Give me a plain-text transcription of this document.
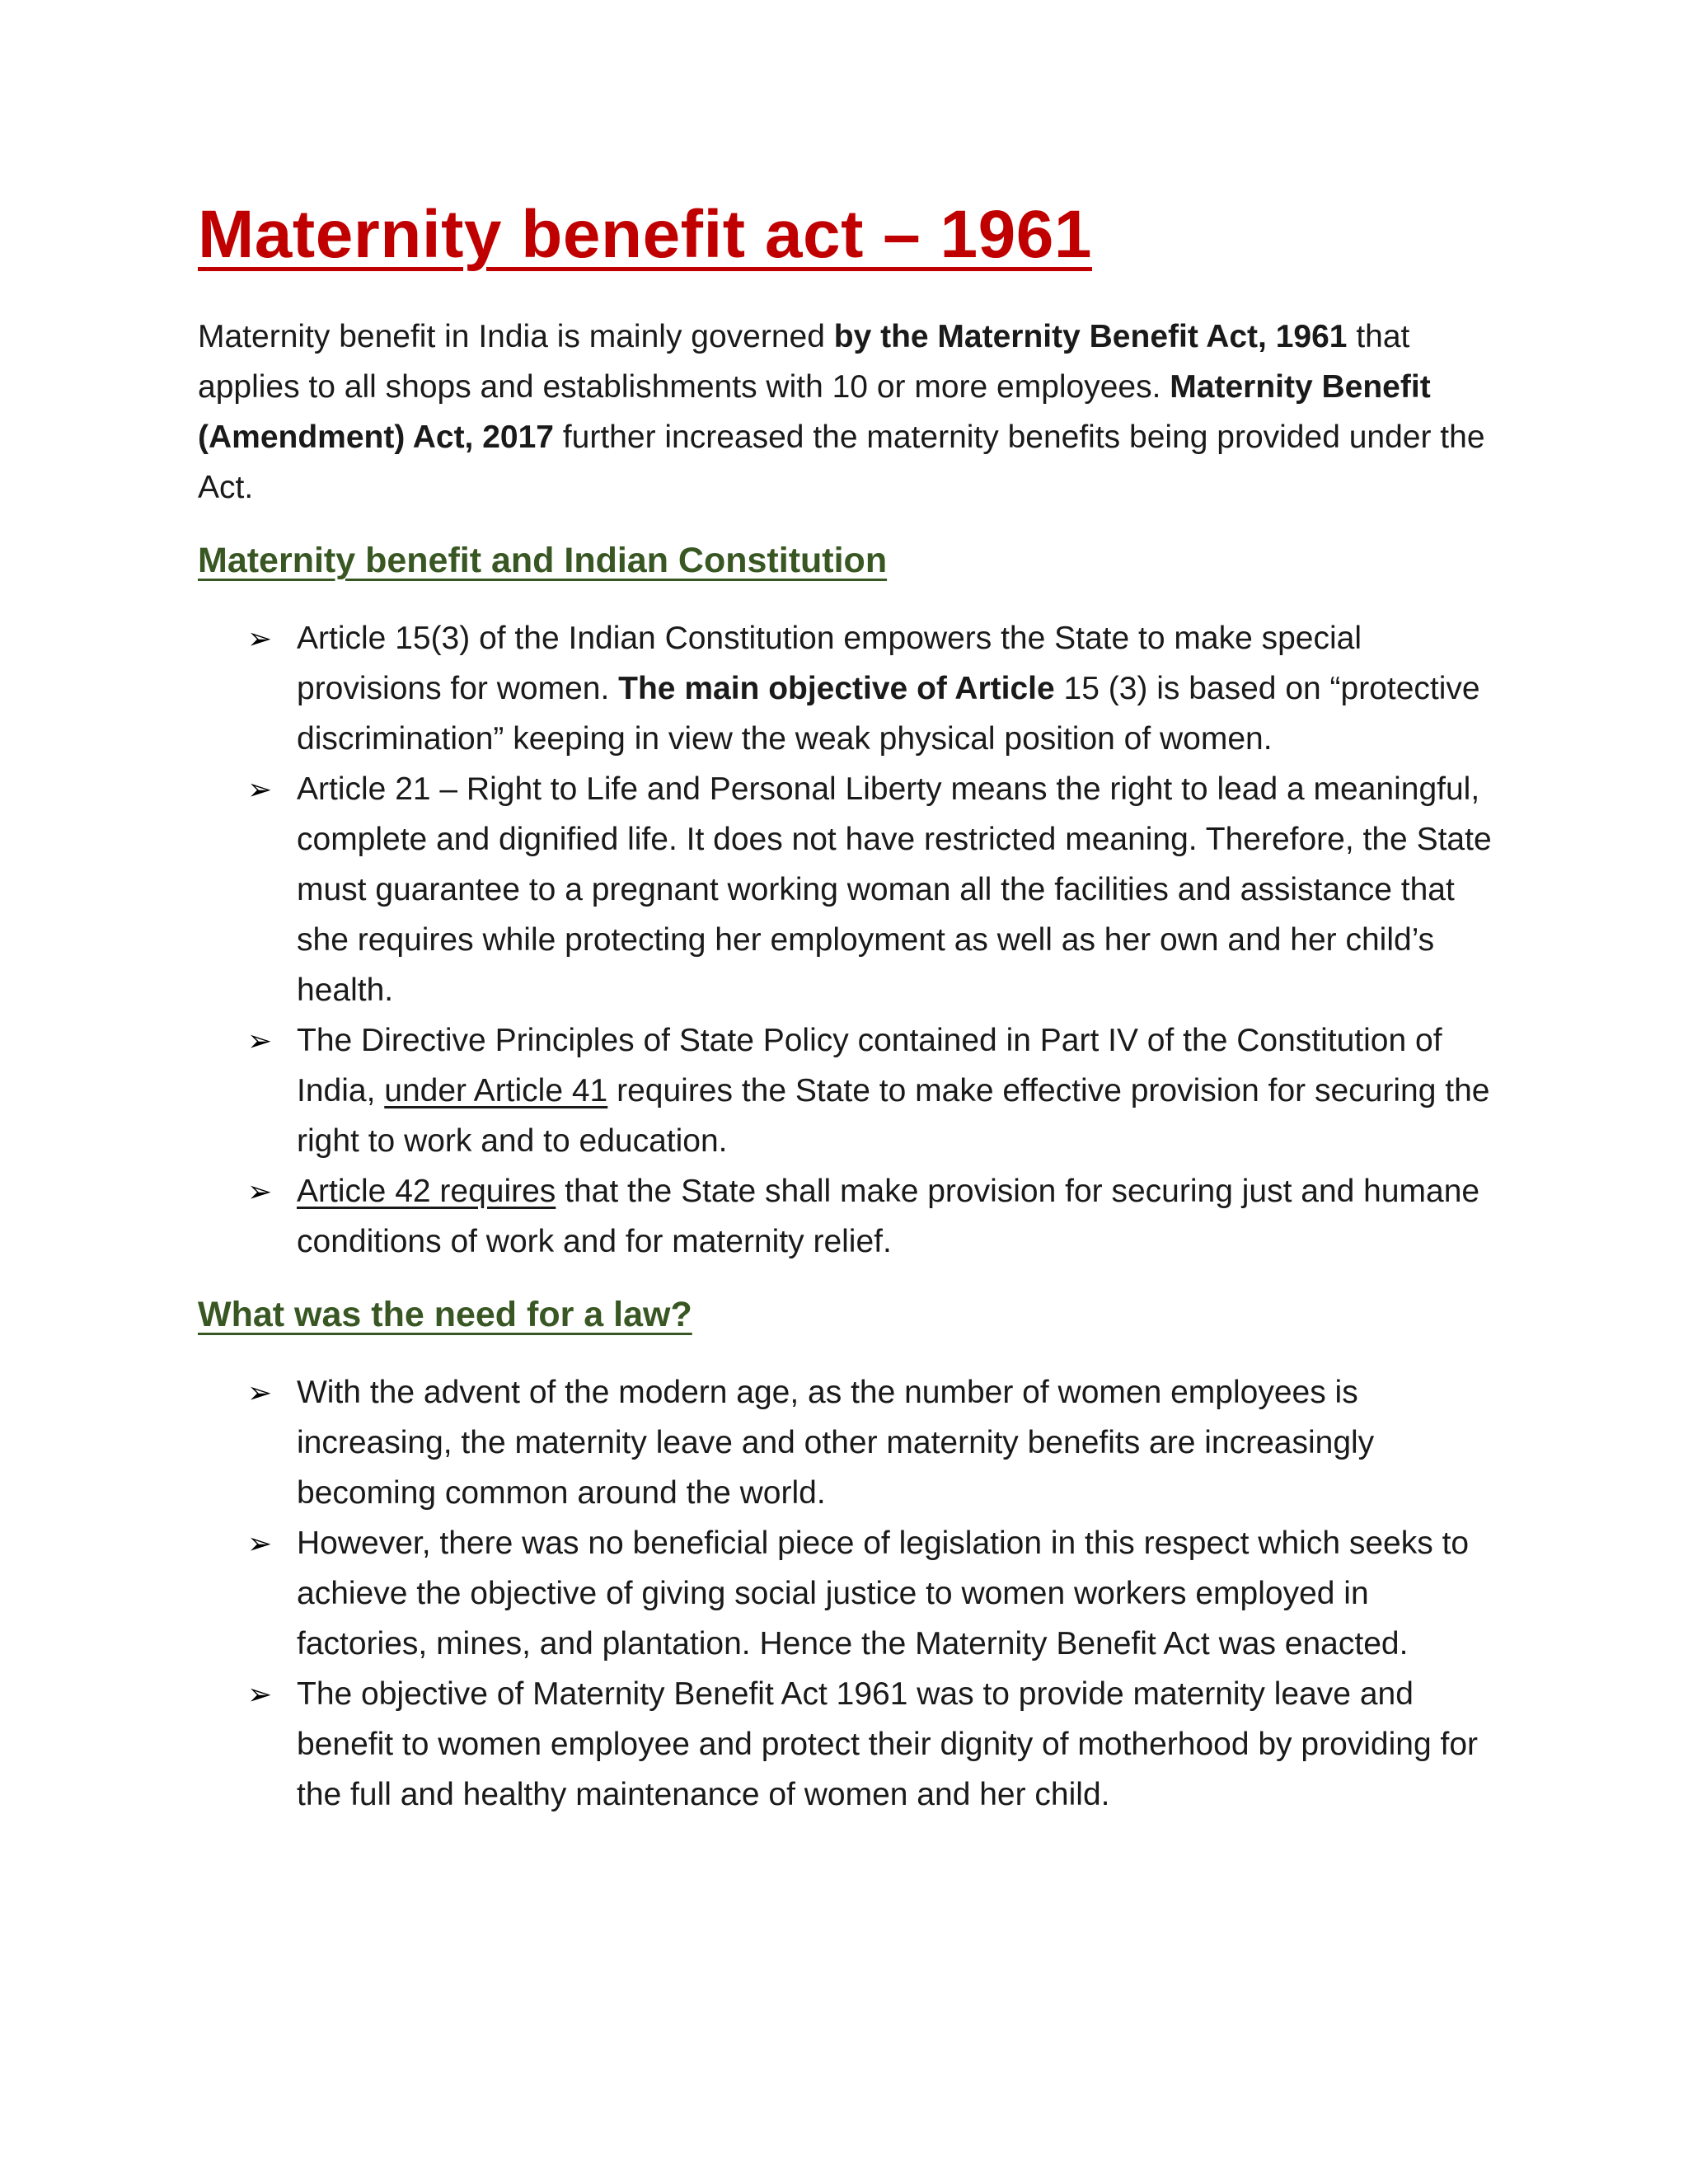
Maternity benefit act – 1961

Maternity benefit in India is mainly governed by the Maternity Benefit Act, 1961 that applies to all shops and establishments with 10 or more employees. Maternity Benefit (Amendment) Act, 2017 further increased the maternity benefits being provided under the Act.

Maternity benefit and Indian Constitution
➢ Article 15(3) of the Indian Constitution empowers the State to make special provisions for women. The main objective of Article 15 (3) is based on “protective discrimination” keeping in view the weak physical position of women.
➢ Article 21 – Right to Life and Personal Liberty means the right to lead a meaningful, complete and dignified life. It does not have restricted meaning. Therefore, the State must guarantee to a pregnant working woman all the facilities and assistance that she requires while protecting her employment as well as her own and her child’s health.
➢ The Directive Principles of State Policy contained in Part IV of the Constitution of India, under Article 41 requires the State to make effective provision for securing the right to work and to education.
➢ Article 42 requires that the State shall make provision for securing just and humane conditions of work and for maternity relief.
What was the need for a law?
➢ With the advent of the modern age, as the number of women employees is increasing, the maternity leave and other maternity benefits are increasingly becoming common around the world.
➢ However, there was no beneficial piece of legislation in this respect which seeks to achieve the objective of giving social justice to women workers employed in factories, mines, and plantation. Hence the Maternity Benefit Act was enacted.
➢ The objective of Maternity Benefit Act 1961 was to provide maternity leave and benefit to women employee and protect their dignity of motherhood by providing for the full and healthy maintenance of women and her child.
